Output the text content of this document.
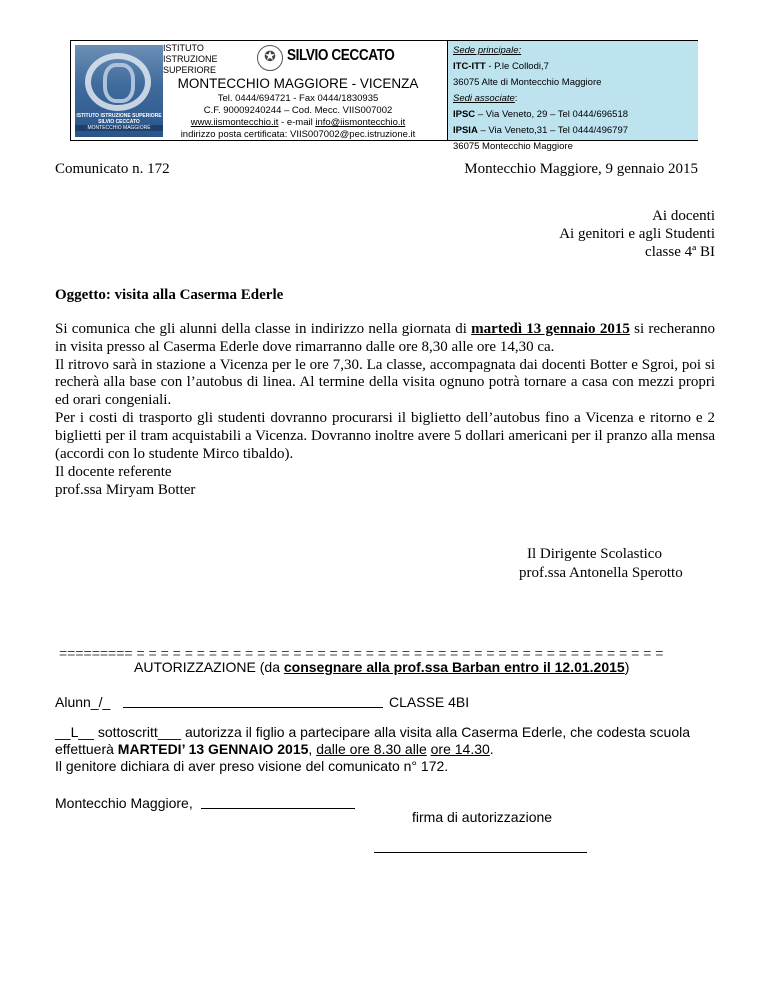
ISTITUTO ISTRUZIONE SUPERIORE SILVIO CECCATO
MONTECCHIO MAGGIORE
ISTITUTO
ISTRUZIONE
SUPERIORE
✪ SILVIO CECCATO
MONTECCHIO MAGGIORE - VICENZA
Tel. 0444/694721 - Fax 0444/1830935
C.F. 90009240244 – Cod. Mecc. VIIS007002
www.iismontecchio.it - e-mail info@iismontecchio.it
indirizzo posta certificata: VIIS007002@pec.istruzione.it
Sede principale:
ITC-ITT - P.le Collodi,7
36075 Alte di Montecchio Maggiore
Sedi associate:
IPSC – Via Veneto, 29 – Tel 0444/696518
IPSIA – Via Veneto,31 – Tel 0444/496797
36075 Montecchio Maggiore
Comunicato n. 172	Montecchio Maggiore, 9 gennaio 2015
Ai docenti
Ai genitori e agli Studenti
classe 4ª BI
Oggetto: visita alla Caserma Ederle

Si comunica che gli alunni della classe in indirizzo nella giornata di martedì 13 gennaio 2015 si recheranno in visita presso al Caserma Ederle dove rimarranno dalle ore 8,30 alle ore 14,30 ca.

Il ritrovo sarà in stazione a Vicenza per le ore 7,30. La classe, accompagnata dai docenti Botter e Sgroi, poi si recherà alla base con l’autobus di linea. Al termine della visita ognuno potrà tornare a casa con mezzi propri ed orari congeniali.

Per i costi di trasporto gli studenti dovranno procurarsi il biglietto dell’autobus fino a Vicenza e ritorno e 2 biglietti per il tram acquistabili a Vicenza. Dovranno inoltre avere 5 dollari americani per il pranzo alla mensa (accordi con lo studente Mirco tibaldo).

Il docente referente
prof.ssa Miryam Botter
Il Dirigente Scolastico
prof.ssa Antonella Sperotto
========= = = = = = = = = = = = = = = = = = = = = = = = = = = = = = = = = = = = = = = = = = = = =
AUTORIZZAZIONE (da consegnare alla prof.ssa Barban entro il 12.01.2015)
Alunn_/_	CLASSE 4BI
__L__ sottoscritt___ autorizza il figlio a partecipare alla visita alla Caserma Ederle, che codesta scuola
effettuerà MARTEDI’ 13 GENNAIO 2015, dalle ore 8.30 alle ore 14.30.
Il genitore dichiara di aver preso visione del comunicato n° 172.
Montecchio Maggiore,
firma di autorizzazione
